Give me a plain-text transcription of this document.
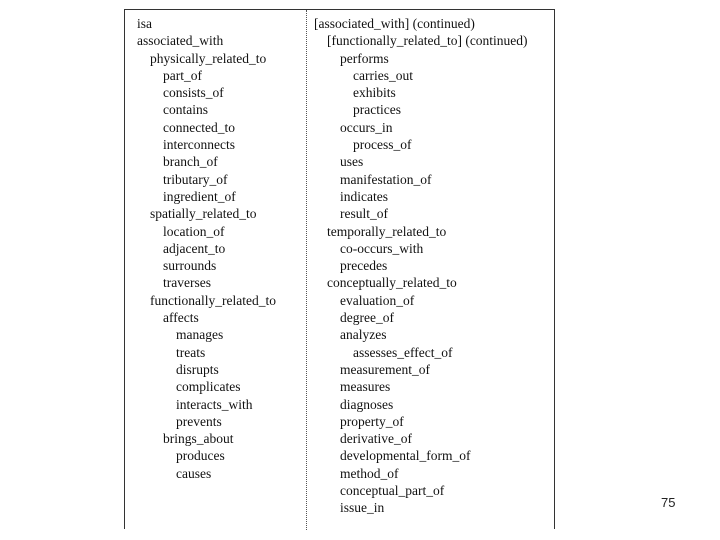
isa
associated_with
physically_related_to
part_of
consists_of
contains
connected_to
interconnects
branch_of
tributary_of
ingredient_of
spatially_related_to
location_of
adjacent_to
surrounds
traverses
functionally_related_to
affects
manages
treats
disrupts
complicates
interacts_with
prevents
brings_about
produces
causes
[associated_with] (continued)
[functionally_related_to] (continued)
performs
carries_out
exhibits
practices
occurs_in
process_of
uses
manifestation_of
indicates
result_of
temporally_related_to
co-occurs_with
precedes
conceptually_related_to
evaluation_of
degree_of
analyzes
assesses_effect_of
measurement_of
measures
diagnoses
property_of
derivative_of
developmental_form_of
method_of
conceptual_part_of
issue_in	75
